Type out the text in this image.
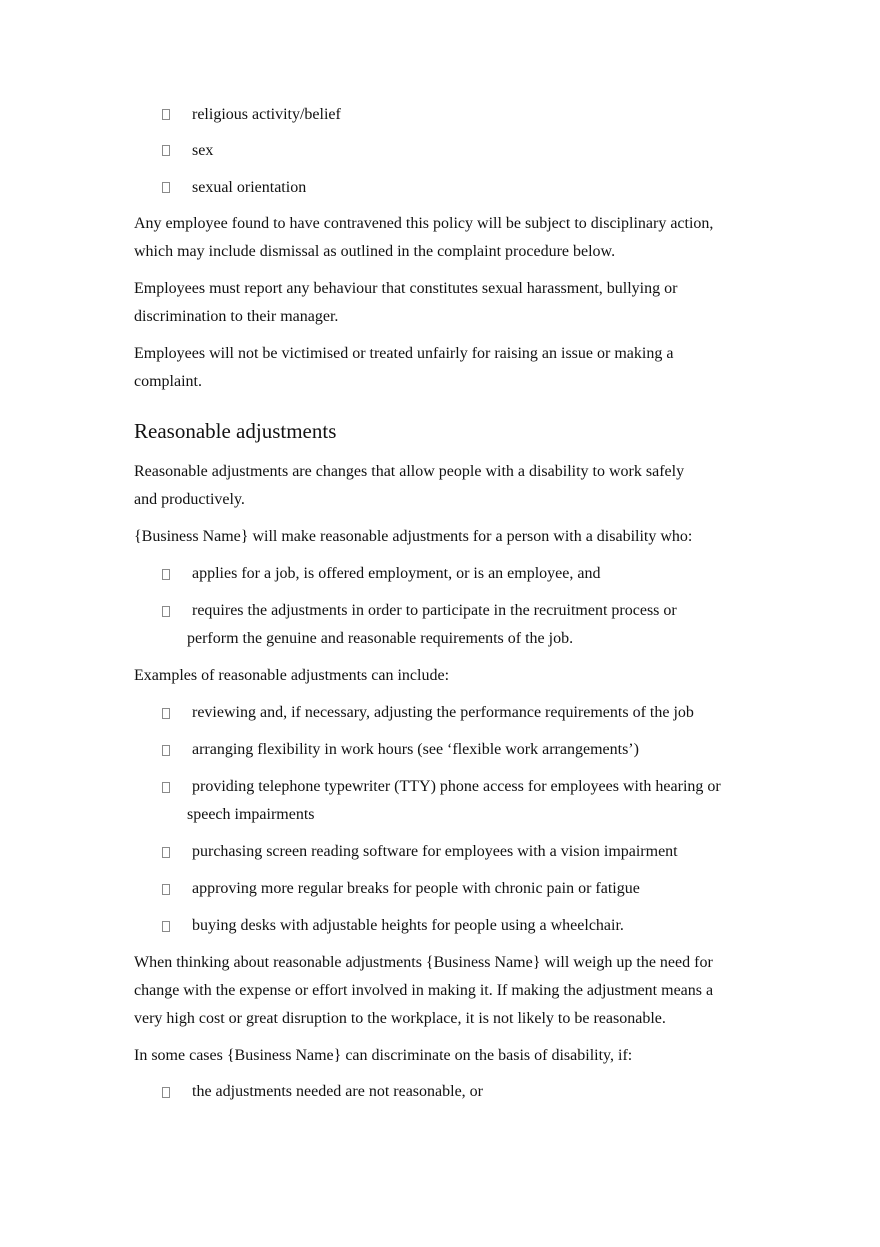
religious activity/belief
sex
sexual orientation
Any employee found to have contravened this policy will be subject to disciplinary action,
which may include dismissal as outlined in the complaint procedure below.
Employees must report any behaviour that constitutes sexual harassment, bullying or
discrimination to their manager.
Employees will not be victimised or treated unfairly for raising an issue or making a
complaint.
Reasonable adjustments
Reasonable adjustments are changes that allow people with a disability to work safely
and productively.
{Business Name} will make reasonable adjustments for a person with a disability who:
applies for a job, is offered employment, or is an employee, and
requires the adjustments in order to participate in the recruitment process or
perform the genuine and reasonable requirements of the job.
Examples of reasonable adjustments can include:
reviewing and, if necessary, adjusting the performance requirements of the job
arranging flexibility in work hours (see ‘flexible work arrangements’)
providing telephone typewriter (TTY) phone access for employees with hearing or
speech impairments
purchasing screen reading software for employees with a vision impairment
approving more regular breaks for people with chronic pain or fatigue
buying desks with adjustable heights for people using a wheelchair.
When thinking about reasonable adjustments {Business Name} will weigh up the need for
change with the expense or effort involved in making it. If making the adjustment means a
very high cost or great disruption to the workplace, it is not likely to be reasonable.
In some cases {Business Name} can discriminate on the basis of disability, if:
the adjustments needed are not reasonable, or
